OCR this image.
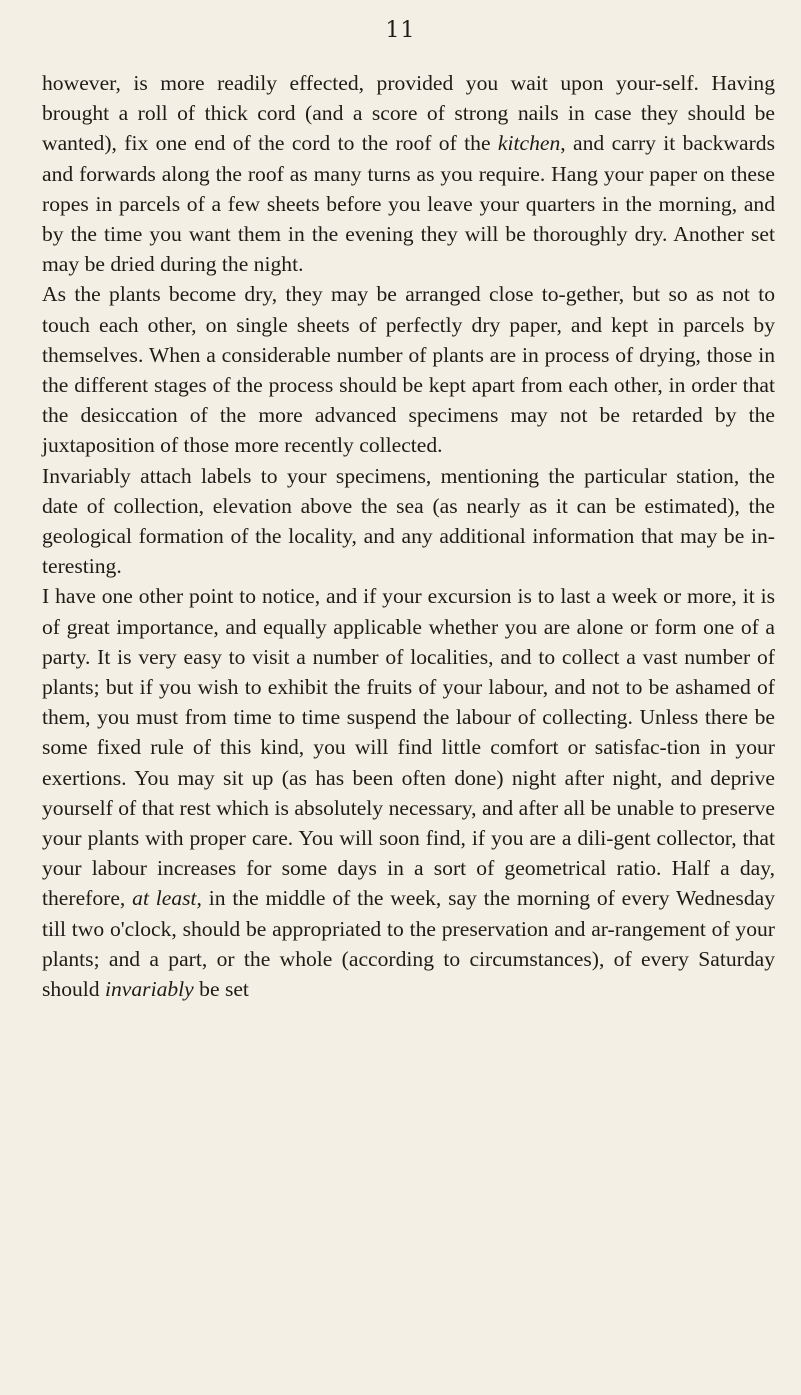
11

however, is more readily effected, provided you wait upon your-self. Having brought a roll of thick cord (and a score of strong nails in case they should be wanted), fix one end of the cord to the roof of the kitchen, and carry it backwards and forwards along the roof as many turns as you require. Hang your paper on these ropes in parcels of a few sheets before you leave your quarters in the morning, and by the time you want them in the evening they will be thoroughly dry. Another set may be dried during the night.

As the plants become dry, they may be arranged close to-gether, but so as not to touch each other, on single sheets of perfectly dry paper, and kept in parcels by themselves. When a considerable number of plants are in process of drying, those in the different stages of the process should be kept apart from each other, in order that the desiccation of the more advanced specimens may not be retarded by the juxtaposition of those more recently collected.

Invariably attach labels to your specimens, mentioning the particular station, the date of collection, elevation above the sea (as nearly as it can be estimated), the geological formation of the locality, and any additional information that may be in-teresting.

I have one other point to notice, and if your excursion is to last a week or more, it is of great importance, and equally applicable whether you are alone or form one of a party. It is very easy to visit a number of localities, and to collect a vast number of plants; but if you wish to exhibit the fruits of your labour, and not to be ashamed of them, you must from time to time suspend the labour of collecting. Unless there be some fixed rule of this kind, you will find little comfort or satisfac-tion in your exertions. You may sit up (as has been often done) night after night, and deprive yourself of that rest which is absolutely necessary, and after all be unable to preserve your plants with proper care. You will soon find, if you are a dili-gent collector, that your labour increases for some days in a sort of geometrical ratio. Half a day, therefore, at least, in the middle of the week, say the morning of every Wednesday till two o'clock, should be appropriated to the preservation and ar-rangement of your plants; and a part, or the whole (according to circumstances), of every Saturday should invariably be set
